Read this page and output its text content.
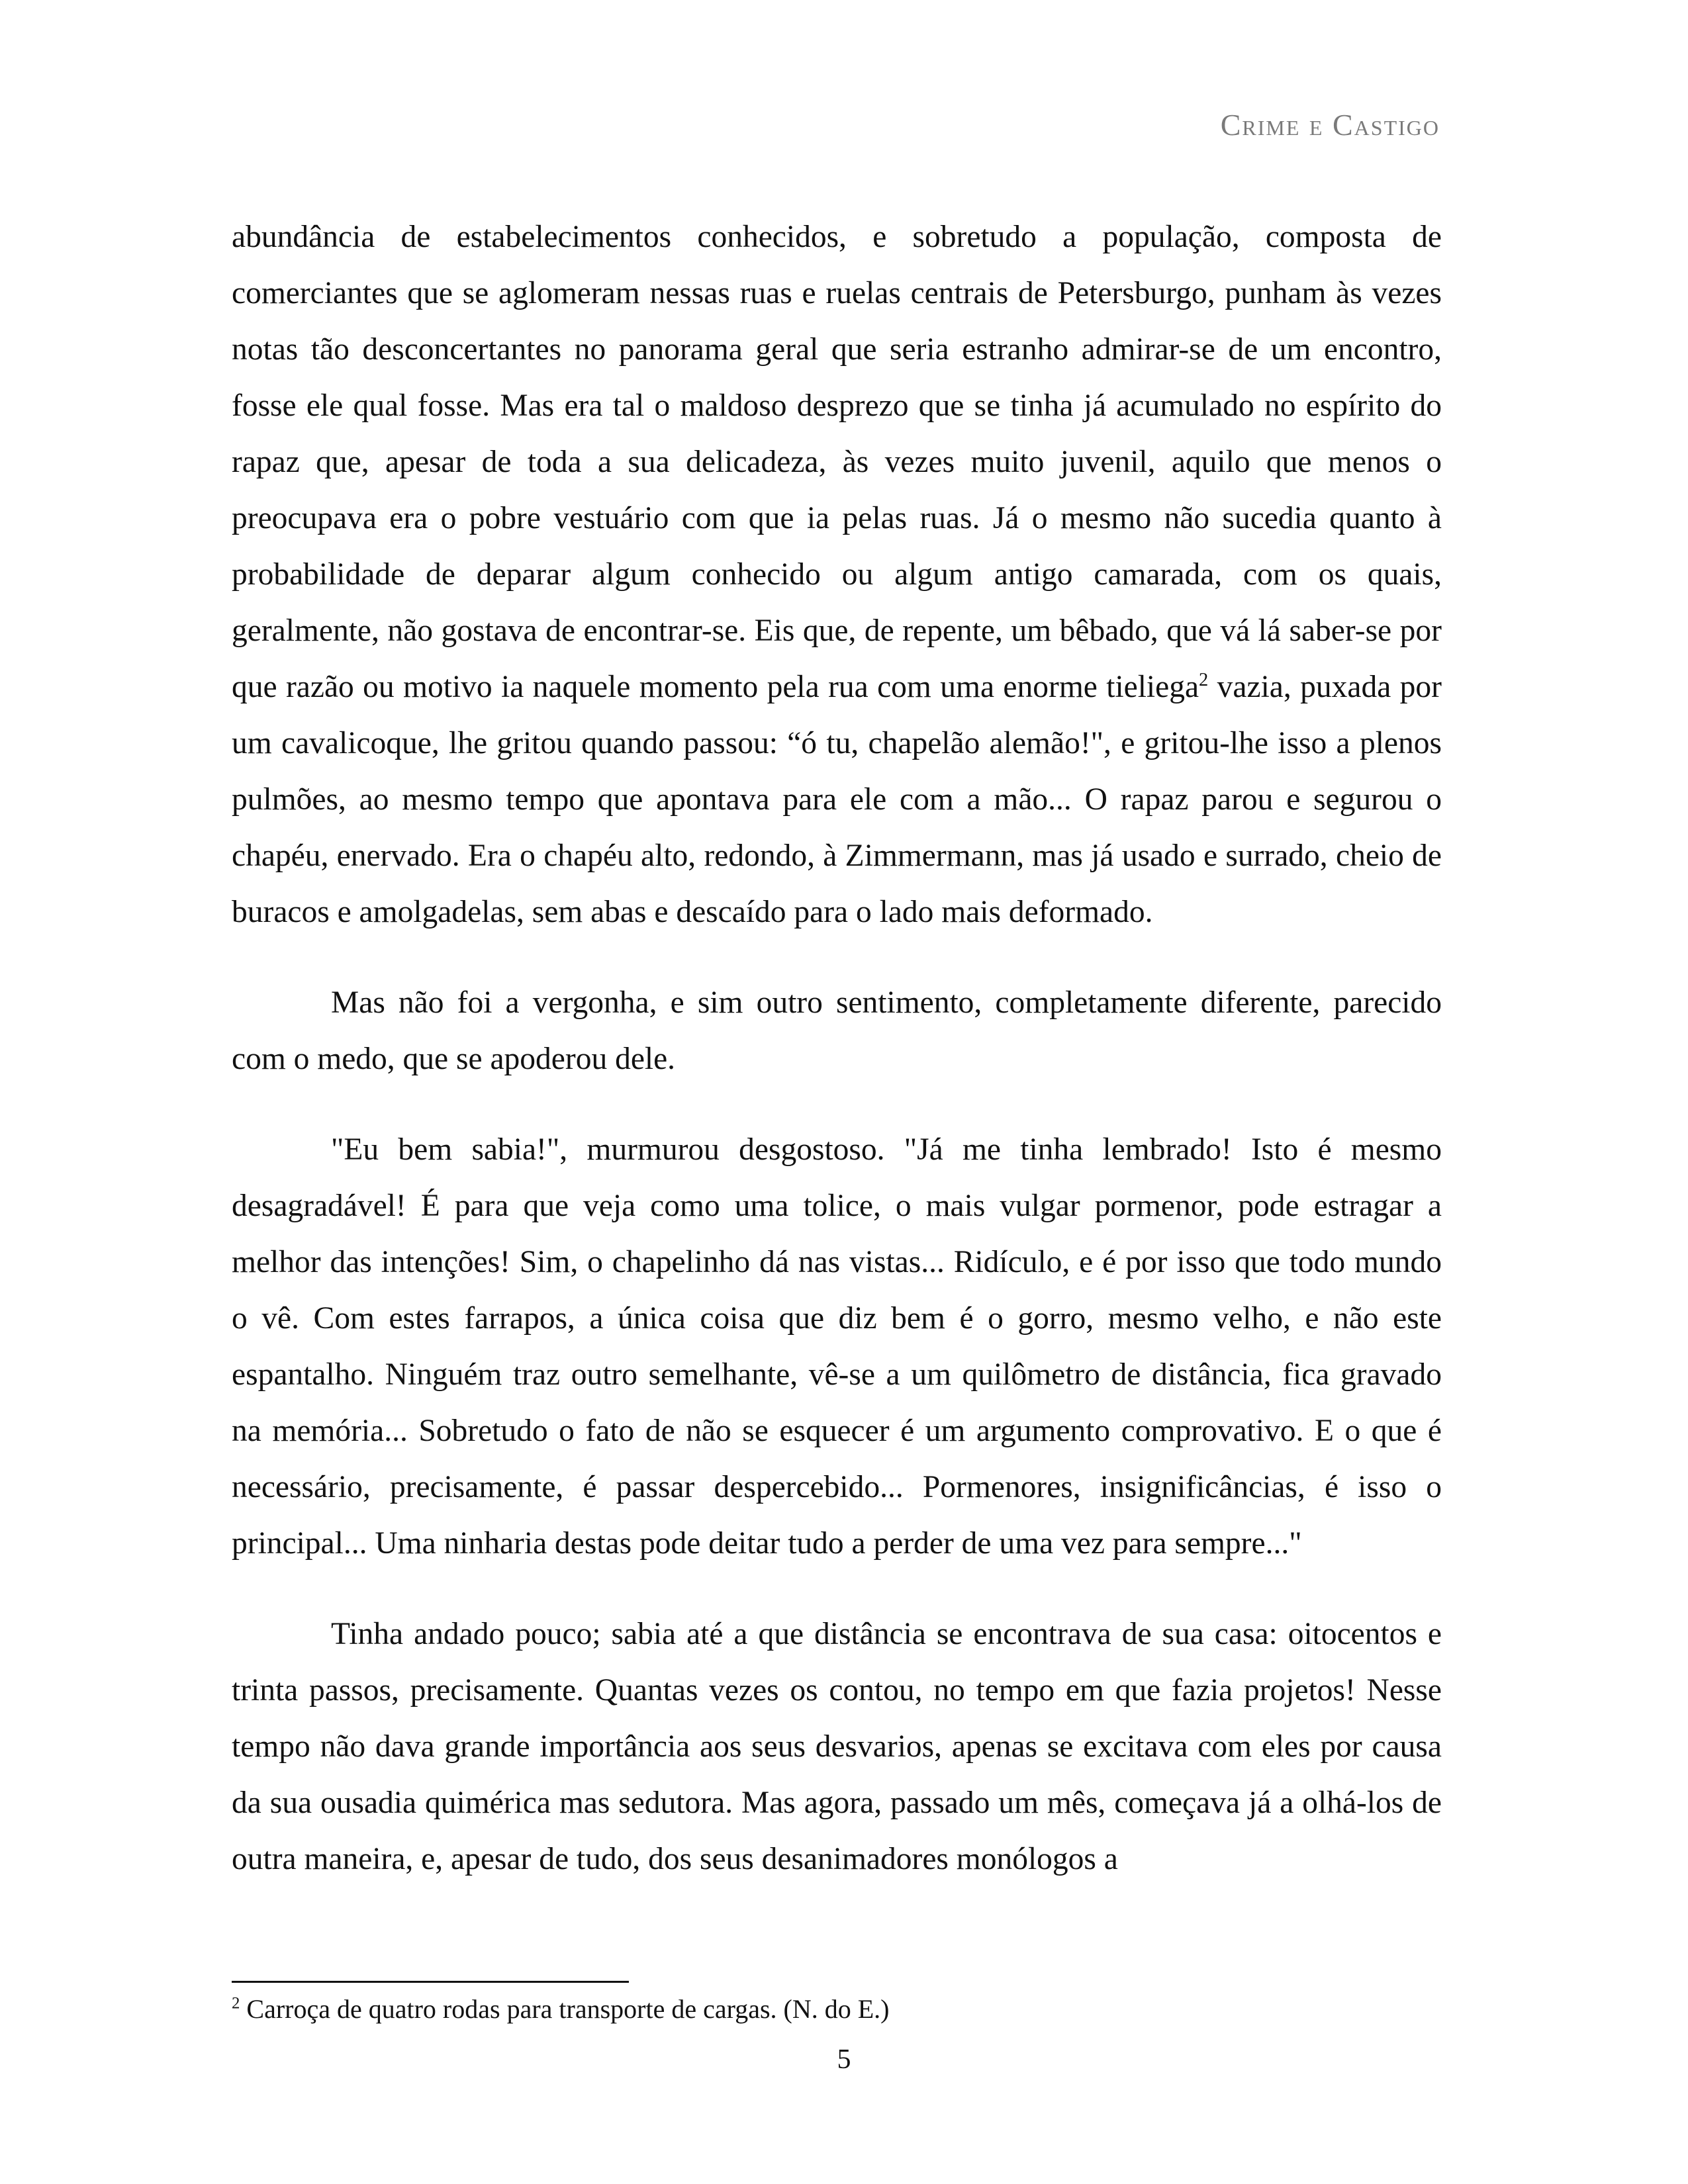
Crime e Castigo

abundância de estabelecimentos conhecidos, e sobretudo a população, composta de comerciantes que se aglomeram nessas ruas e ruelas centrais de Petersburgo, punham às vezes notas tão desconcertantes no panorama geral que seria estranho admirar-se de um encontro, fosse ele qual fosse. Mas era tal o maldoso desprezo que se tinha já acumulado no espírito do rapaz que, apesar de toda a sua delicadeza, às vezes muito juvenil, aquilo que menos o preocupava era o pobre vestuário com que ia pelas ruas. Já o mesmo não sucedia quanto à probabilidade de deparar algum conhecido ou algum antigo camarada, com os quais, geralmente, não gostava de encontrar-se. Eis que, de repente, um bêbado, que vá lá saber-se por que razão ou motivo ia naquele momento pela rua com uma enorme tieliega$^2$ vazia, puxada por um cavalicoque, lhe gritou quando passou: “ó tu, chapelão alemão!", e gritou-lhe isso a plenos pulmões, ao mesmo tempo que apontava para ele com a mão... O rapaz parou e segurou o chapéu, enervado. Era o chapéu alto, redondo, à Zimmermann, mas já usado e surrado, cheio de buracos e amolgadelas, sem abas e descaído para o lado mais deformado.

Mas não foi a vergonha, e sim outro sentimento, completamente diferente, parecido com o medo, que se apoderou dele.

"Eu bem sabia!", murmurou desgostoso. "Já me tinha lembrado! Isto é mesmo desagradável! É para que veja como uma tolice, o mais vulgar pormenor, pode estragar a melhor das intenções! Sim, o chapelinho dá nas vistas... Ridículo, e é por isso que todo mundo o vê. Com estes farrapos, a única coisa que diz bem é o gorro, mesmo velho, e não este espantalho. Ninguém traz outro semelhante, vê-se a um quilômetro de distância, fica gravado na memória... Sobretudo o fato de não se esquecer é um argumento comprovativo. E o que é necessário, precisamente, é passar despercebido... Pormenores, insignificâncias, é isso o principal... Uma ninharia destas pode deitar tudo a perder de uma vez para sempre..."

Tinha andado pouco; sabia até a que distância se encontrava de sua casa: oitocentos e trinta passos, precisamente. Quantas vezes os contou, no tempo em que fazia projetos! Nesse tempo não dava grande importância aos seus desvarios, apenas se excitava com eles por causa da sua ousadia quimérica mas sedutora. Mas agora, passado um mês, começava já a olhá-los de outra maneira, e, apesar de tudo, dos seus desanimadores monólogos a

$^2$ Carroça de quatro rodas para transporte de cargas. (N. do E.)
5
